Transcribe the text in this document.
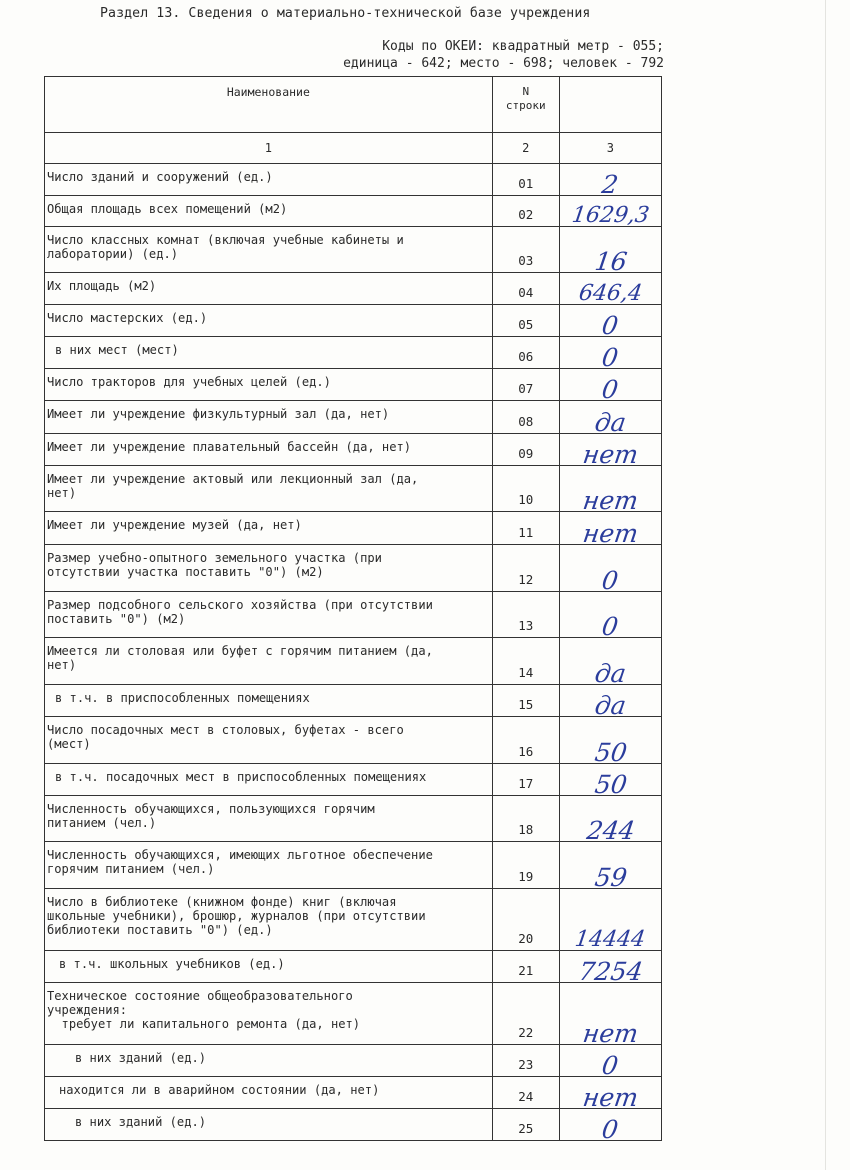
Раздел 13. Сведения о материально-технической базе учреждения
Коды по ОКЕИ: квадратный метр - 055;
единица - 642; место - 698; человек - 792
Наименование	N
строки	

1	2	3
Число зданий и сооружений (ед.)	01	2
Общая площадь всех помещений (м2)	02	1629,3
Число классных комнат (включая учебные кабинеты и
лаборатории) (ед.)	03	16
Их площадь (м2)	04	646,4
Число мастерских (ед.)	05	0
в них мест (мест)	06	0
Число тракторов для учебных целей (ед.)	07	0
Имеет ли учреждение физкультурный зал (да, нет)	08	да
Имеет ли учреждение плавательный бассейн (да, нет)	09	нет
Имеет ли учреждение актовый или лекционный зал (да,
нет)	10	нет
Имеет ли учреждение музей (да, нет)	11	нет
Размер учебно-опытного земельного участка (при
отсутствии участка поставить "0") (м2)	12	0
Размер подсобного сельского хозяйства (при отсутствии
поставить "0") (м2)	13	0
Имеется ли столовая или буфет с горячим питанием (да,
нет)	14	да
в т.ч. в приспособленных помещениях	15	да
Число посадочных мест в столовых, буфетах - всего
(мест)	16	50
в т.ч. посадочных мест в приспособленных помещениях	17	50
Численность обучающихся, пользующихся горячим
питанием (чел.)	18	244
Численность обучающихся, имеющих льготное обеспечение
горячим питанием (чел.)	19	59
Число в библиотеке (книжном фонде) книг (включая
школьные учебники), брошюр, журналов (при отсутствии
библиотеки поставить "0") (ед.)	20	14444
в т.ч. школьных учебников (ед.)	21	7254
Техническое состояние общеобразовательного
учреждения:
требует ли капитального ремонта (да, нет)	22	нет
в них зданий (ед.)	23	0
находится ли в аварийном состоянии (да, нет)	24	нет
в них зданий (ед.)	25	0
